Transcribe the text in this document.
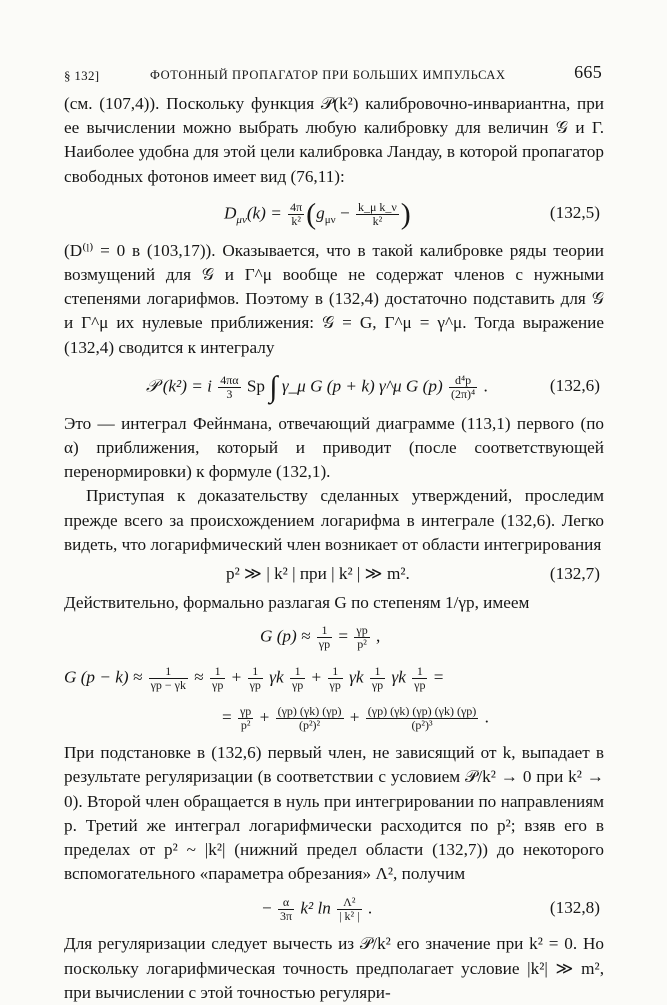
§ 132]	ФОТОННЫЙ ПРОПАГАТОР ПРИ БОЛЬШИХ ИМПУЛЬСАХ	665

(см. (107,4)). Поскольку функция 𝒫(k²) калибровочно-инвариантна, при ее вычислении можно выбрать любую калибровку для величин 𝒢 и Γ. Наиболее удобна для этой цели калибровка Ландау, в которой пропагатор свободных фотонов имеет вид (76,11):

$D_{\mu\nu}(k) = \frac{4\pi}{\text{k²}} (g_{\mu\nu} - \frac{\text{k\_μ k\_ν}}{\text{k²}}$ )	(132,5)

(D⁽ˡ⁾ = 0 в (103,17)). Оказывается, что в такой калибровке ряды теории возмущений для 𝒢 и Γ^μ вообще не содержат членов с нужными степенями логарифмов. Поэтому в (132,4) достаточно подставить для 𝒢 и Γ^μ их нулевые приближения: 𝒢 = G, Γ^μ = γ^μ. Тогда выражение (132,4) сводится к интегралу

𝒫 (k²) = i $\frac{4\pi\alpha}{3}$ Sp ∫ γ_μ G (p + k) γ^μ G $(p) \frac{\text{d⁴p}}{\text{(2π)⁴}}$ .	(132,6)

Это — интеграл Фейнмана, отвечающий диаграмме (113,1) первого (по α) приближения, который и приводит (после соответствующей перенормировки) к формуле (132,1).

Приступая к доказательству сделанных утверждений, проследим прежде всего за происхождением логарифма в интеграле (132,6). Легко видеть, что логарифмический член возникает от области интегрирования

p² ≫ | k² | при | k² | ≫ m².	(132,7)

Действительно, формально разлагая G по степеням 1/γp, имеем

G $(p) \approx \frac{1}{\gamma p} = \frac{\gamma p}{\text{p²}}$ ,
G $(p - k) \approx \frac{1}{\gamma p - \gamma k} \approx \frac{1}{\gamma p} + \frac{1}{\gamma p}$ γk $\frac{1}{\gamma p} + \frac{1}{\gamma p}$ γk $\frac{1}{\gamma p}$ γk $\frac{1}{\gamma p}$ =
= $\frac{\gamma p}{\text{p²}} + \frac{(\gamma p) (\gamma k) (\gamma p)}{\text{(p²)²}} + \frac{(\gamma p) (\gamma k) (\gamma p) (\gamma k) (\gamma p)}{\text{(p²)³}}$ .

При подстановке в (132,6) первый член, не зависящий от k, выпадает в результате регуляризации (в соответствии с условием 𝒫/k² → 0 при k² → 0). Второй член обращается в нуль при интегрировании по направлениям p. Третий же интеграл логарифмически расходится по p²; взяв его в пределах от p² ~ |k²| (нижний предел области (132,7)) до некоторого вспомогательного «параметра обрезания» Λ², получим

− $\frac{\alpha}{3\pi} k^2$ $\ln \frac{\text{Λ²}}{\text{| k² |}}$ .	(132,8)

Для регуляризации следует вычесть из 𝒫/k² его значение при k² = 0. Но поскольку логарифмическая точность предполагает условие |k²| ≫ m², при вычислении с этой точностью регуляри-
